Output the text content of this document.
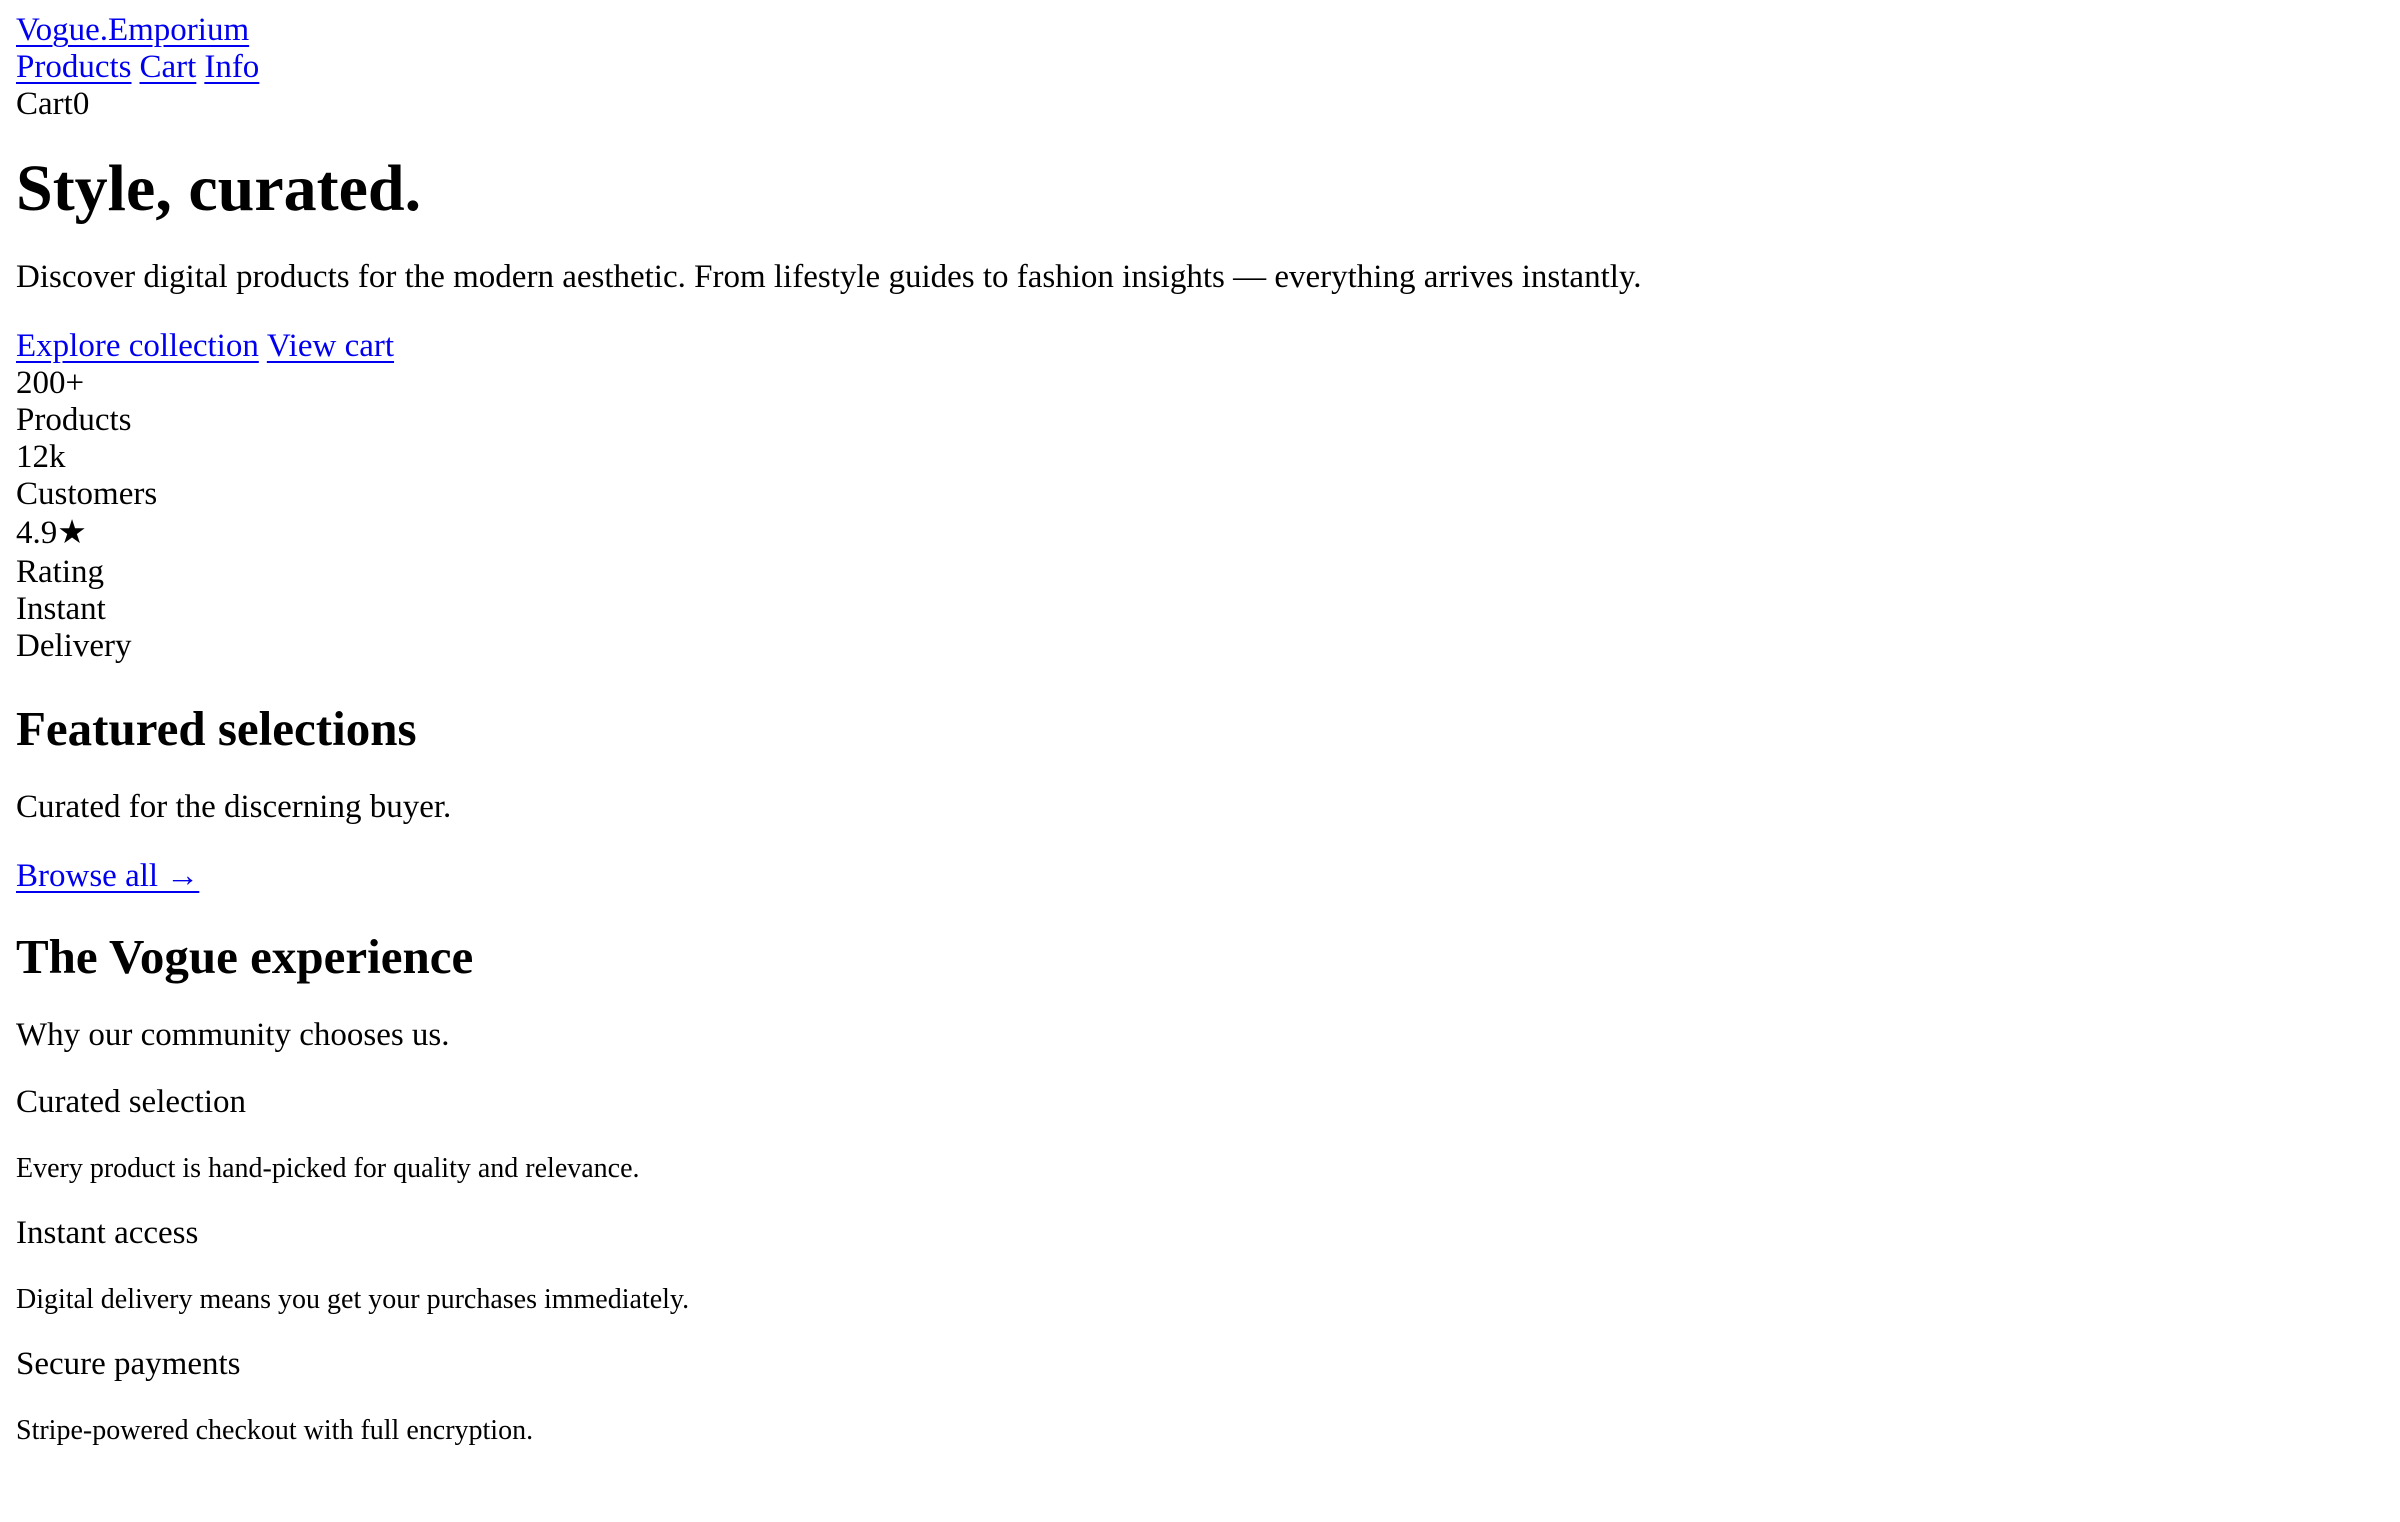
Vogue.Emporium
Products Cart Info
Cart0
Style, curated.

Discover digital products for the modern aesthetic. From lifestyle guides to fashion insights — everything arrives instantly.

Explore collection View cart
200+
Products
12k
Customers
4.9★
Rating
Instant
Delivery
Featured selections

Curated for the discerning buyer.

Browse all →
The Vogue experience

Why our community chooses us.

Curated selection
Every product is hand-picked for quality and relevance.
Instant access
Digital delivery means you get your purchases immediately.
Secure payments
Stripe-powered checkout with full encryption.
